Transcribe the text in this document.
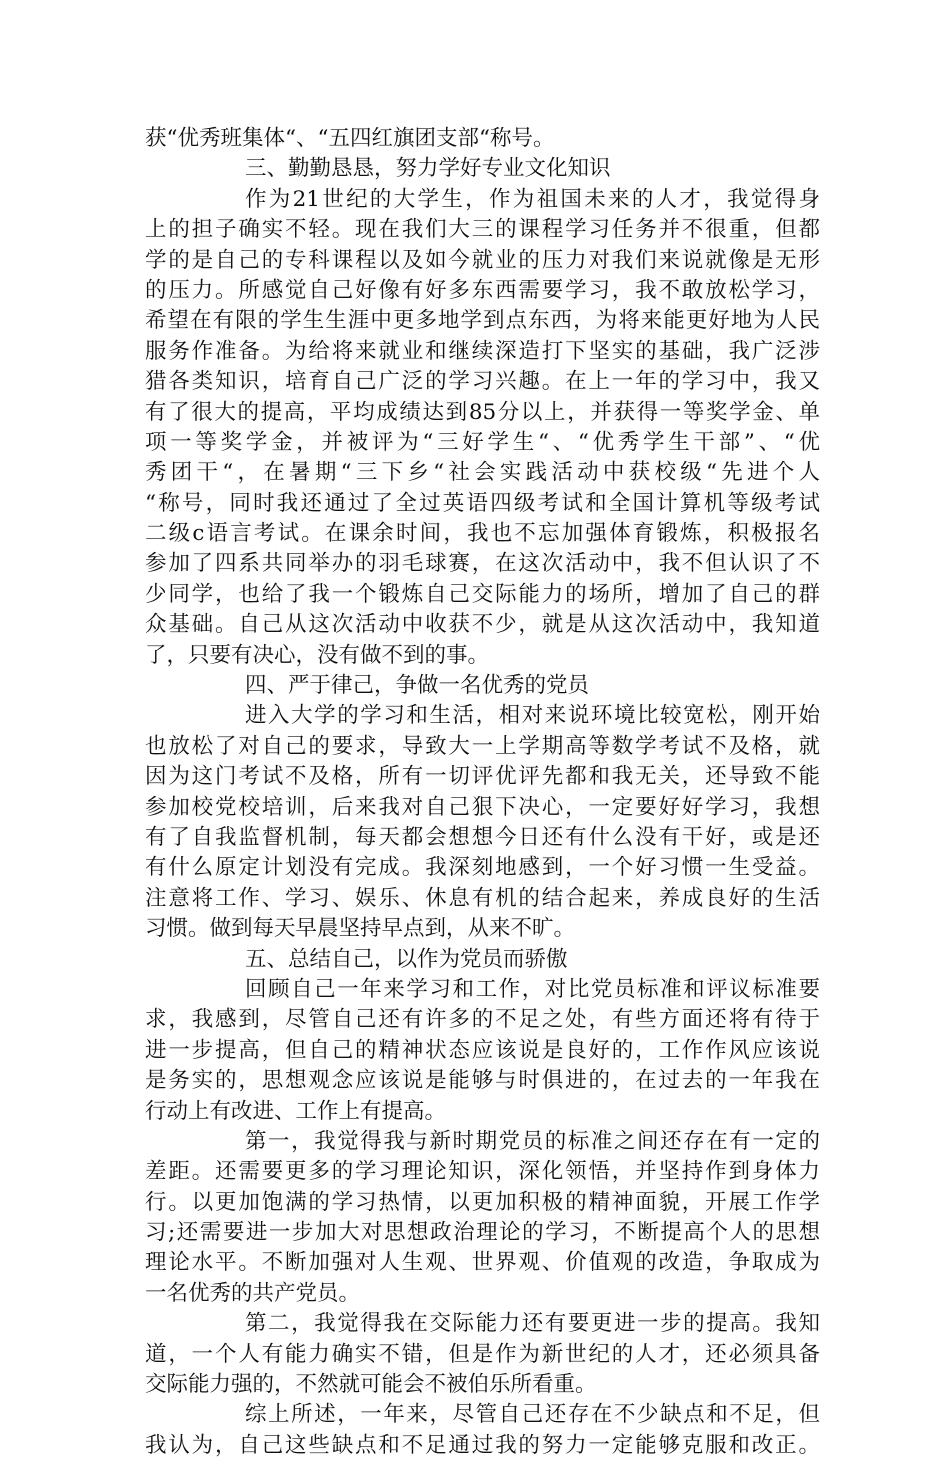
获“优秀班集体“、“五四红旗团支部“称号。
三、勤勤恳恳，努力学好专业文化知识
作为21世纪的大学生，作为祖国未来的人才，我觉得身
上的担子确实不轻。现在我们大三的课程学习任务并不很重，但都
学的是自己的专科课程以及如今就业的压力对我们来说就像是无形
的压力。所感觉自己好像有好多东西需要学习，我不敢放松学习，
希望在有限的学生生涯中更多地学到点东西，为将来能更好地为人民
服务作准备。为给将来就业和继续深造打下坚实的基础，我广泛涉
猎各类知识，培育自己广泛的学习兴趣。在上一年的学习中，我又
有了很大的提高，平均成绩达到85分以上，并获得一等奖学金、单
项一等奖学金，并被评为“三好学生“、“优秀学生干部”、“优
秀团干“，在暑期“三下乡“社会实践活动中获校级“先进个人
“称号，同时我还通过了全过英语四级考试和全国计算机等级考试
二级c语言考试。在课余时间，我也不忘加强体育锻炼，积极报名
参加了四系共同举办的羽毛球赛，在这次活动中，我不但认识了不
少同学，也给了我一个锻炼自己交际能力的场所，增加了自己的群
众基础。自己从这次活动中收获不少，就是从这次活动中，我知道
了，只要有决心，没有做不到的事。
四、严于律己，争做一名优秀的党员
进入大学的学习和生活，相对来说环境比较宽松，刚开始
也放松了对自己的要求，导致大一上学期高等数学考试不及格，就
因为这门考试不及格，所有一切评优评先都和我无关，还导致不能
参加校党校培训，后来我对自己狠下决心，一定要好好学习，我想
有了自我监督机制，每天都会想想今日还有什么没有干好，或是还
有什么原定计划没有完成。我深刻地感到，一个好习惯一生受益。
注意将工作、学习、娱乐、休息有机的结合起来，养成良好的生活
习惯。做到每天早晨坚持早点到，从来不旷。
五、总结自己，以作为党员而骄傲
回顾自己一年来学习和工作，对比党员标准和评议标准要
求，我感到，尽管自己还有许多的不足之处，有些方面还将有待于
进一步提高，但自己的精神状态应该说是良好的，工作作风应该说
是务实的，思想观念应该说是能够与时俱进的，在过去的一年我在
行动上有改进、工作上有提高。
第一，我觉得我与新时期党员的标准之间还存在有一定的
差距。还需要更多的学习理论知识，深化领悟，并坚持作到身体力
行。以更加饱满的学习热情，以更加积极的精神面貌，开展工作学
习;还需要进一步加大对思想政治理论的学习，不断提高个人的思想
理论水平。不断加强对人生观、世界观、价值观的改造，争取成为
一名优秀的共产党员。
第二，我觉得我在交际能力还有要更进一步的提高。我知
道，一个人有能力确实不错，但是作为新世纪的人才，还必须具备
交际能力强的，不然就可能会不被伯乐所看重。
综上所述，一年来，尽管自己还存在不少缺点和不足，但
我认为，自己这些缺点和不足通过我的努力一定能够克服和改正。
